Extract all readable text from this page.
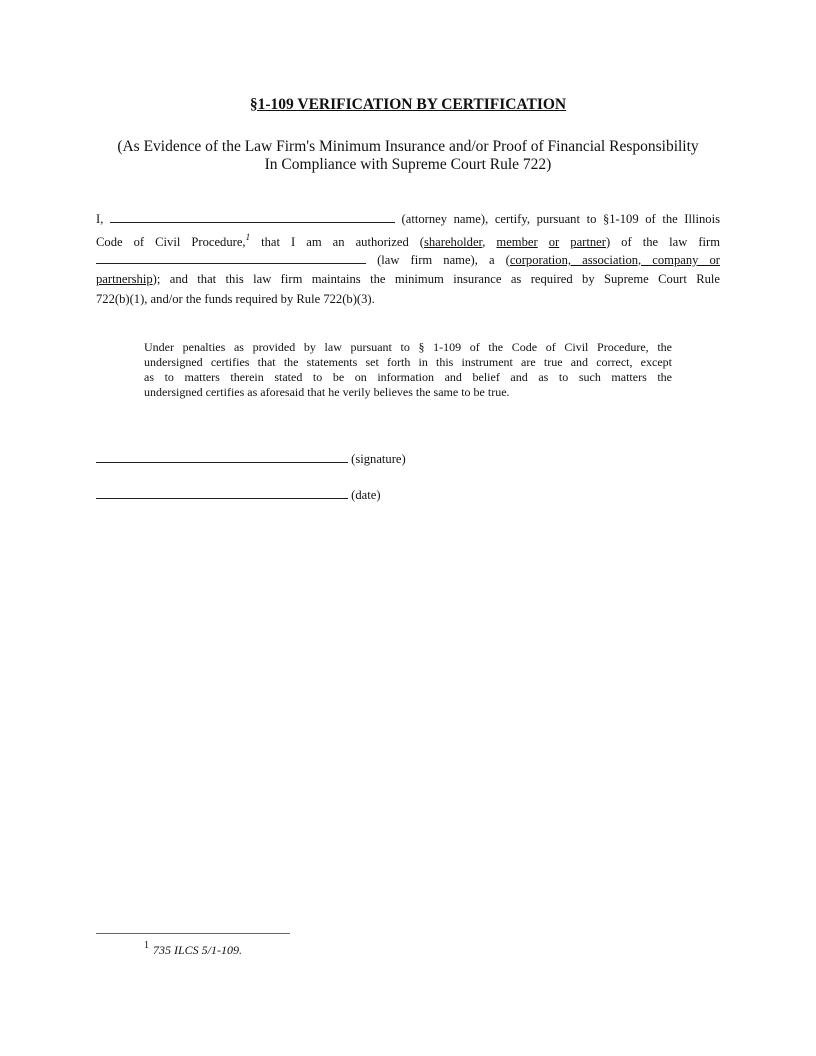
§1-109 VERIFICATION BY CERTIFICATION
(As Evidence of the Law Firm's Minimum Insurance and/or Proof of Financial Responsibility
In Compliance with Supreme Court Rule 722)
I,	(attorney name), certify, pursuant to §1-109 of the Illinois
Code of Civil Procedure,$^1$ that I am an authorized (shareholder, member or partner) of the law firm
(law firm name), a (corporation, association, company or
partnership); and that this law firm maintains the minimum insurance as required by Supreme Court Rule
722(b)(1), and/or the funds required by Rule 722(b)(3).
Under penalties as provided by law pursuant to § 1-109 of the Code of Civil Procedure, the
undersigned certifies that the statements set forth in this instrument are true and correct, except
as to matters therein stated to be on information and belief and as to such matters the
undersigned certifies as aforesaid that he verily believes the same to be true.
(signature)
(date)
$^1$ 735 ILCS 5/1-109.
